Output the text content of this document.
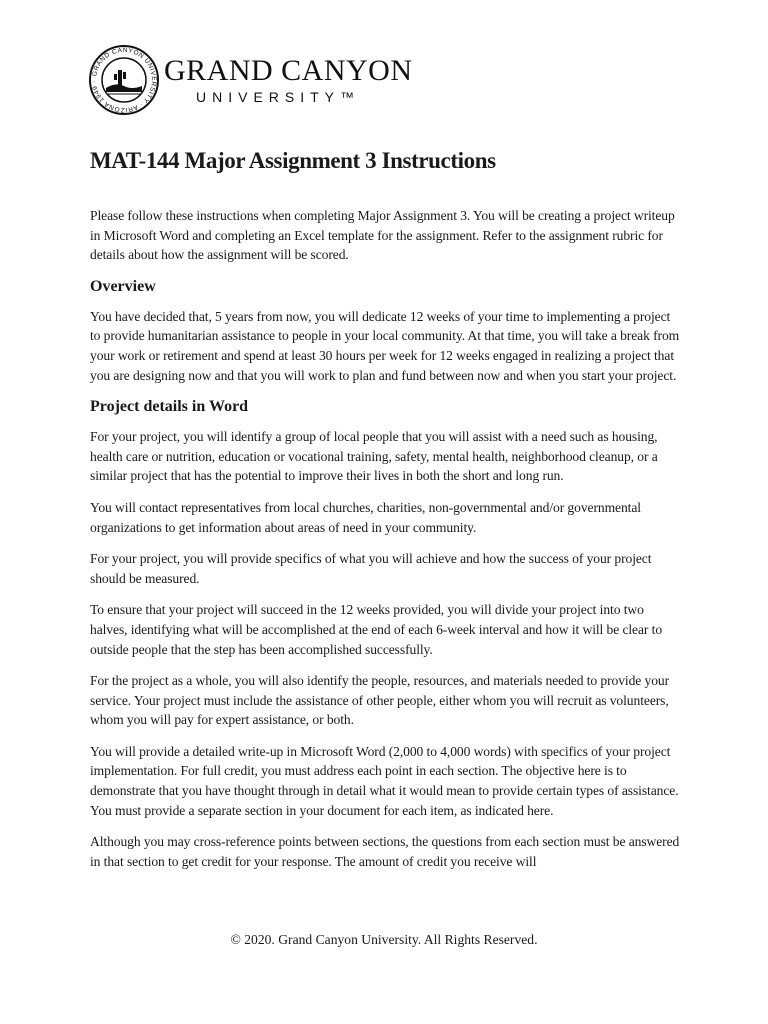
GRAND CANYON UNIVERSITY · ARIZONA 1949 ·	GRAND CANYON
UNIVERSITY™
MAT-144 Major Assignment 3 Instructions

Please follow these instructions when completing Major Assignment 3. You will be creating a project writeup in Microsoft Word and completing an Excel template for the assignment. Refer to the assignment rubric for details about how the assignment will be scored.

Overview

You have decided that, 5 years from now, you will dedicate 12 weeks of your time to implementing a project to provide humanitarian assistance to people in your local community. At that time, you will take a break from your work or retirement and spend at least 30 hours per week for 12 weeks engaged in realizing a project that you are designing now and that you will work to plan and fund between now and when you start your project.

Project details in Word

For your project, you will identify a group of local people that you will assist with a need such as housing, health care or nutrition, education or vocational training, safety, mental health, neighborhood cleanup, or a similar project that has the potential to improve their lives in both the short and long run.

You will contact representatives from local churches, charities, non-governmental and/or governmental organizations to get information about areas of need in your community.

For your project, you will provide specifics of what you will achieve and how the success of your project should be measured.

To ensure that your project will succeed in the 12 weeks provided, you will divide your project into two halves, identifying what will be accomplished at the end of each 6-week interval and how it will be clear to outside people that the step has been accomplished successfully.

For the project as a whole, you will also identify the people, resources, and materials needed to provide your service. Your project must include the assistance of other people, either whom you will recruit as volunteers, whom you will pay for expert assistance, or both.

You will provide a detailed write-up in Microsoft Word (2,000 to 4,000 words) with specifics of your project implementation. For full credit, you must address each point in each section. The objective here is to demonstrate that you have thought through in detail what it would mean to provide certain types of assistance. You must provide a separate section in your document for each item, as indicated here.

Although you may cross-reference points between sections, the questions from each section must be answered in that section to get credit for your response. The amount of credit you receive will

© 2020. Grand Canyon University. All Rights Reserved.
